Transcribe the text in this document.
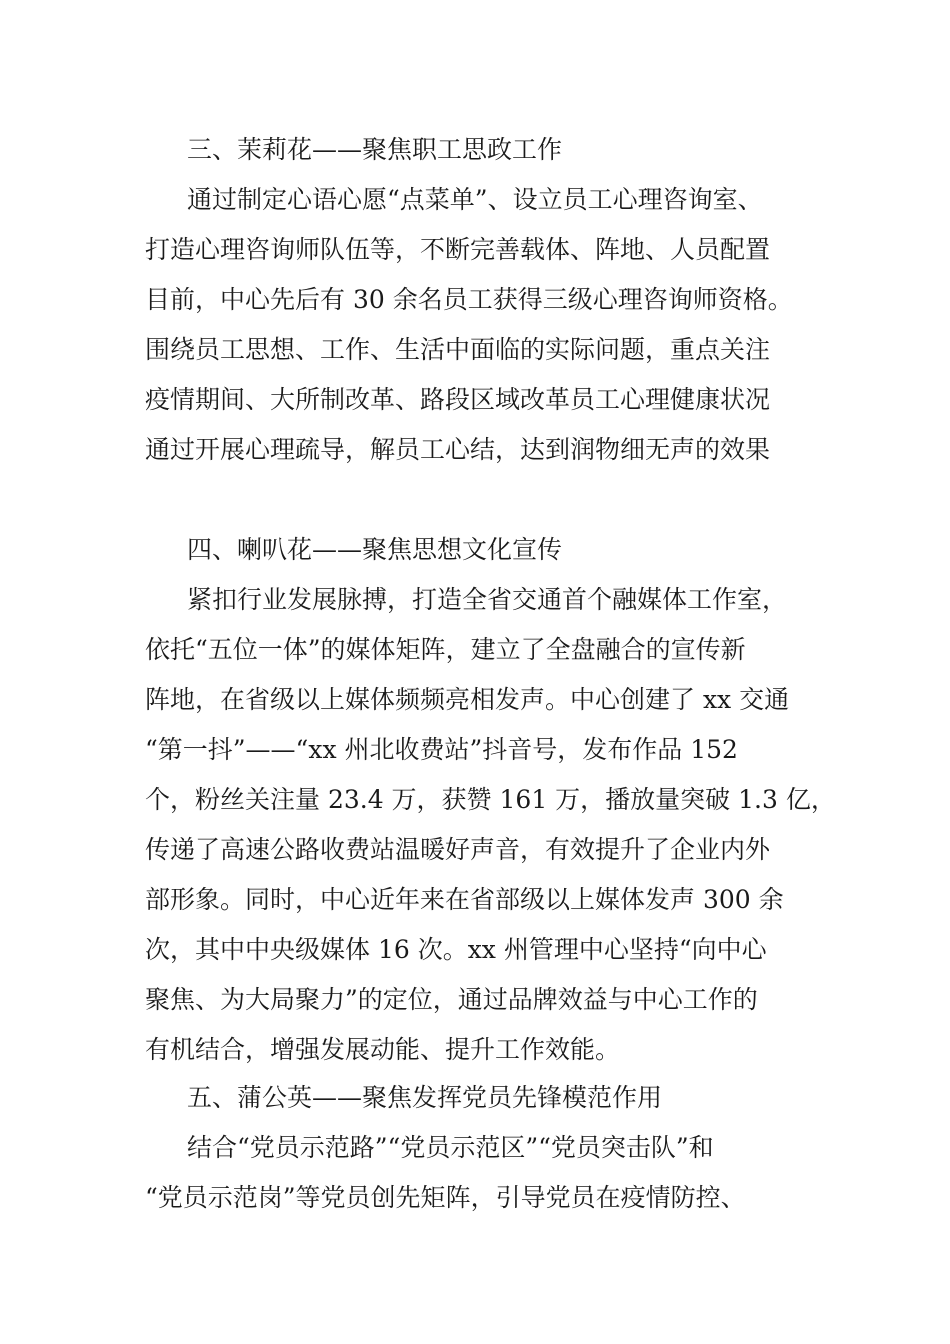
三、茉莉花——聚焦职工思政工作
通过制定心语心愿“点菜单”、设立员工心理咨询室、
打造心理咨询师队伍等，不断完善载体、阵地、人员配置
目前，中心先后有 30 余名员工获得三级心理咨询师资格。
围绕员工思想、工作、生活中面临的实际问题，重点关注
疫情期间、大所制改革、路段区域改革员工心理健康状况
通过开展心理疏导，解员工心结，达到润物细无声的效果
四、喇叭花——聚焦思想文化宣传
紧扣行业发展脉搏，打造全省交通首个融媒体工作室，
依托“五位一体”的媒体矩阵，建立了全盘融合的宣传新
阵地，在省级以上媒体频频亮相发声。中心创建了 xx 交通
“第一抖”——“xx 州北收费站”抖音号，发布作品 152
个，粉丝关注量 23.4 万，获赞 161 万，播放量突破 1.3 亿，
传递了高速公路收费站温暖好声音，有效提升了企业内外
部形象。同时，中心近年来在省部级以上媒体发声 300 余
次，其中中央级媒体 16 次。xx 州管理中心坚持“向中心
聚焦、为大局聚力”的定位，通过品牌效益与中心工作的
有机结合，增强发展动能、提升工作效能。
五、蒲公英——聚焦发挥党员先锋模范作用
结合“党员示范路”“党员示范区”“党员突击队”和
“党员示范岗”等党员创先矩阵，引导党员在疫情防控、
